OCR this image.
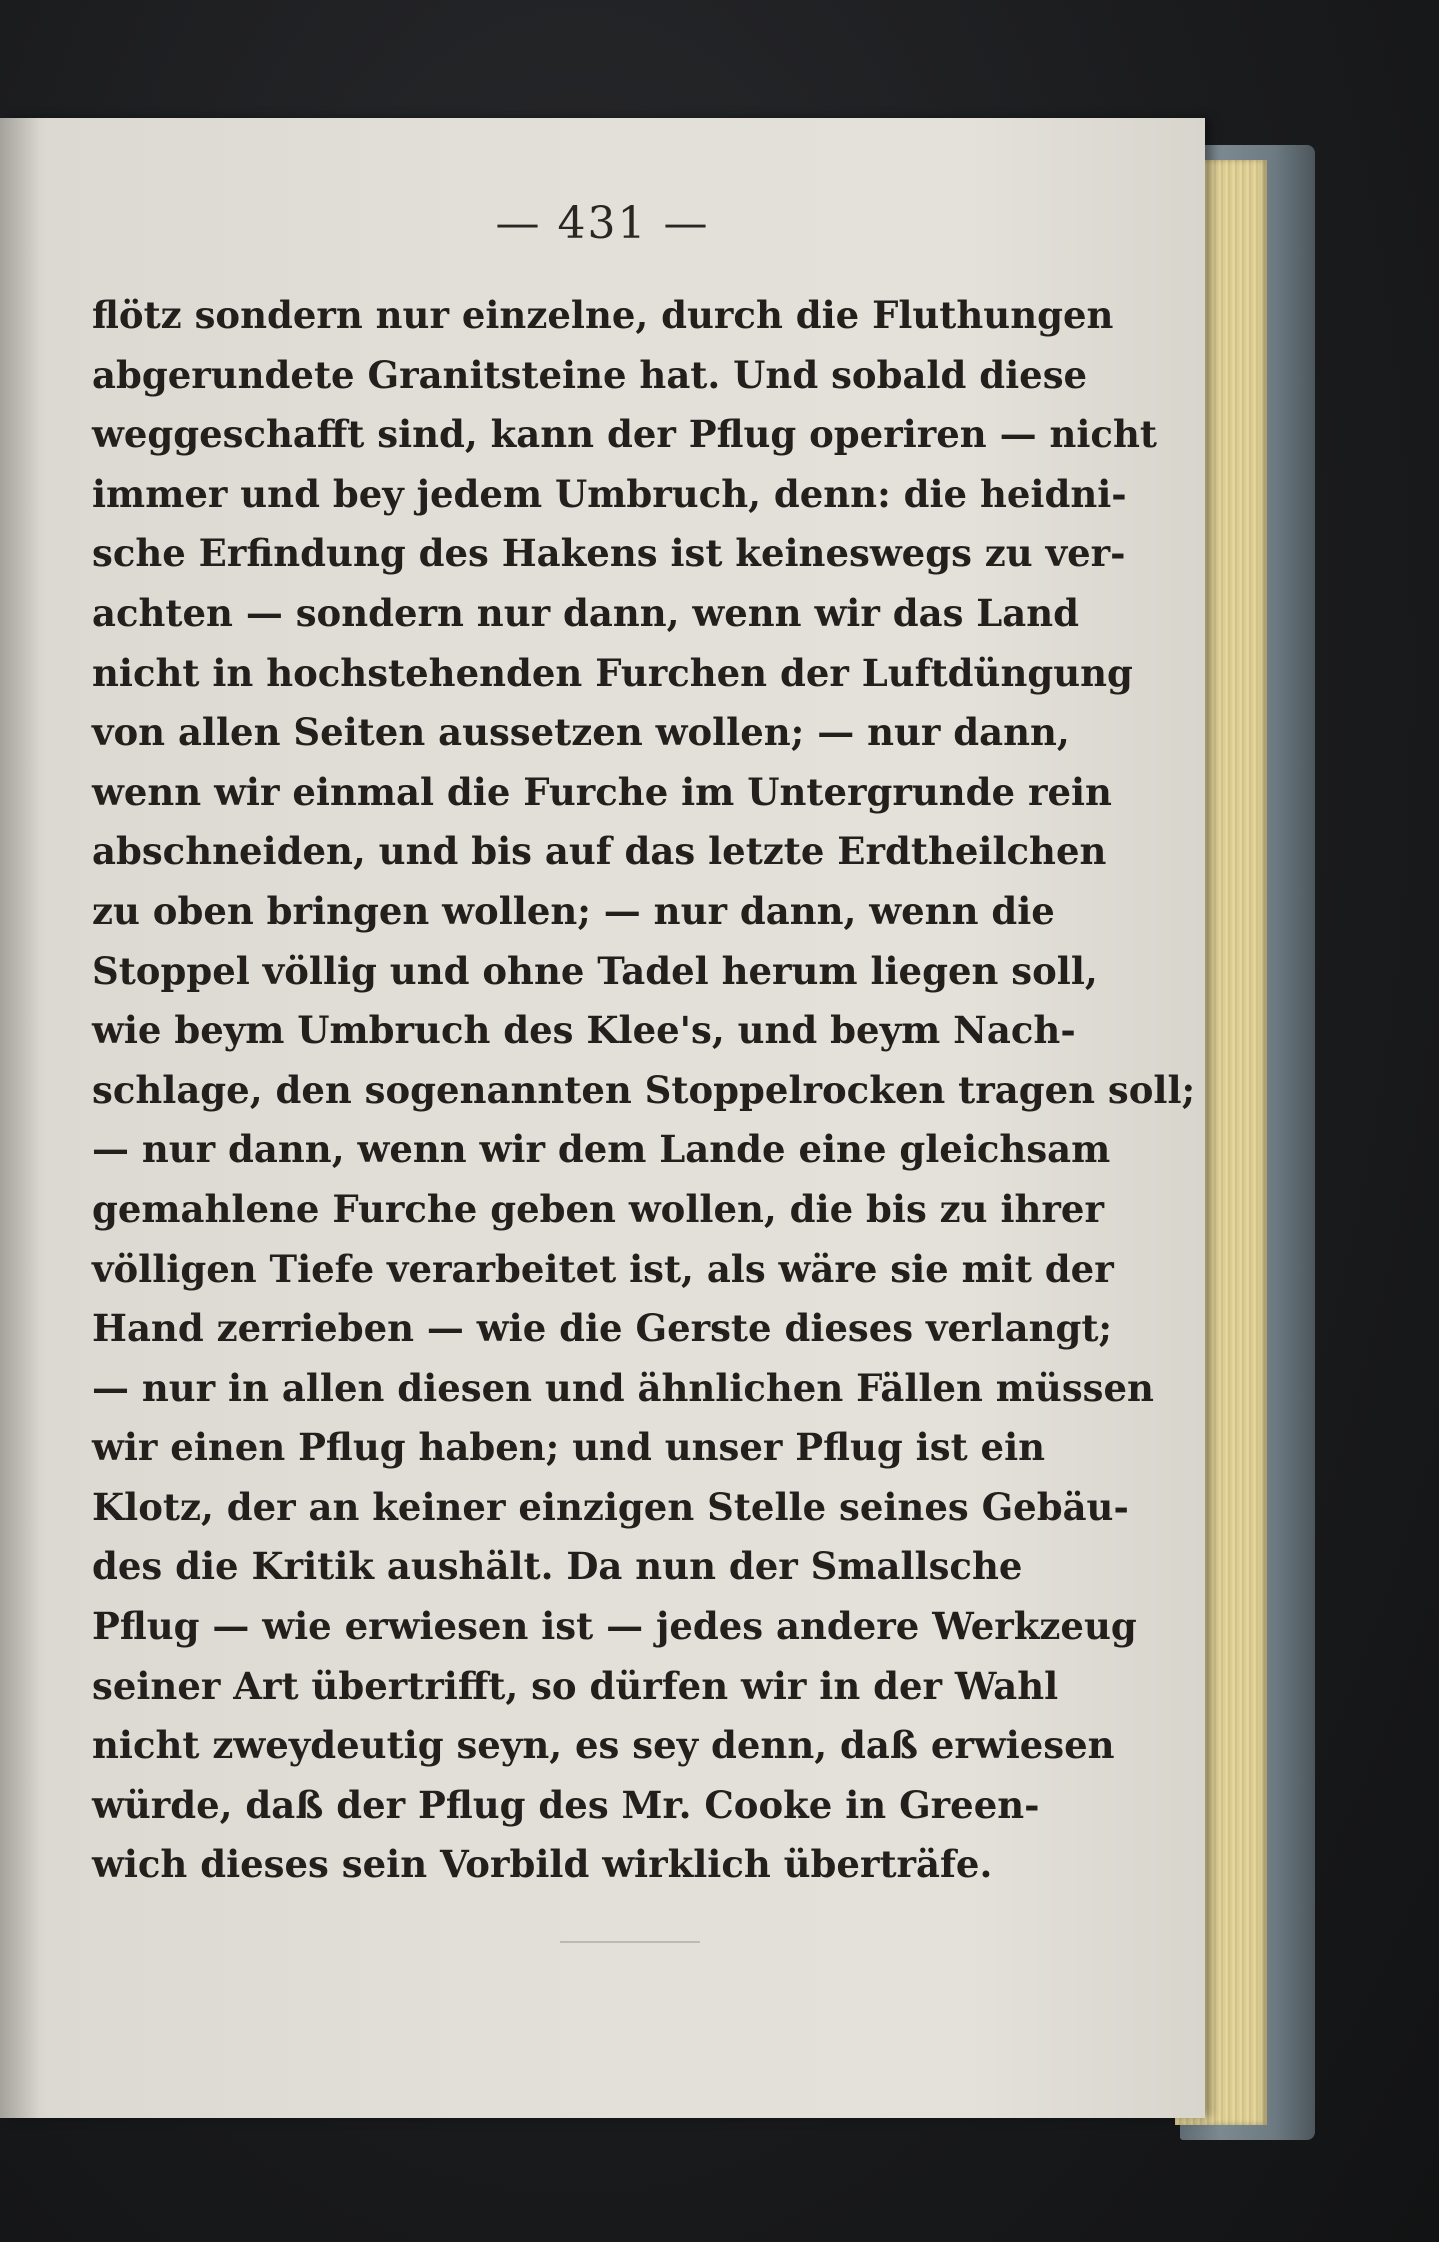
— 431 —
flötz sondern nur einzelne, durch die Fluthungen
abgerundete Granitsteine hat. Und sobald diese
weggeschafft sind, kann der Pflug operiren — nicht
immer und bey jedem Umbruch, denn: die heidni-
sche Erfindung des Hakens ist keineswegs zu ver-
achten — sondern nur dann, wenn wir das Land
nicht in hochstehenden Furchen der Luftdüngung
von allen Seiten aussetzen wollen; — nur dann,
wenn wir einmal die Furche im Untergrunde rein
abschneiden, und bis auf das letzte Erdtheilchen
zu oben bringen wollen; — nur dann, wenn die
Stoppel völlig und ohne Tadel herum liegen soll,
wie beym Umbruch des Klee's, und beym Nach-
schlage, den sogenannten Stoppelrocken tragen soll;
— nur dann, wenn wir dem Lande eine gleichsam
gemahlene Furche geben wollen, die bis zu ihrer
völligen Tiefe verarbeitet ist, als wäre sie mit der
Hand zerrieben — wie die Gerste dieses verlangt;
— nur in allen diesen und ähnlichen Fällen müssen
wir einen Pflug haben; und unser Pflug ist ein
Klotz, der an keiner einzigen Stelle seines Gebäu-
des die Kritik aushält. Da nun der Smallsche
Pflug — wie erwiesen ist — jedes andere Werkzeug
seiner Art übertrifft, so dürfen wir in der Wahl
nicht zweydeutig seyn, es sey denn, daß erwiesen
würde, daß der Pflug des Mr. Cooke in Green-
wich dieses sein Vorbild wirklich überträfe.
